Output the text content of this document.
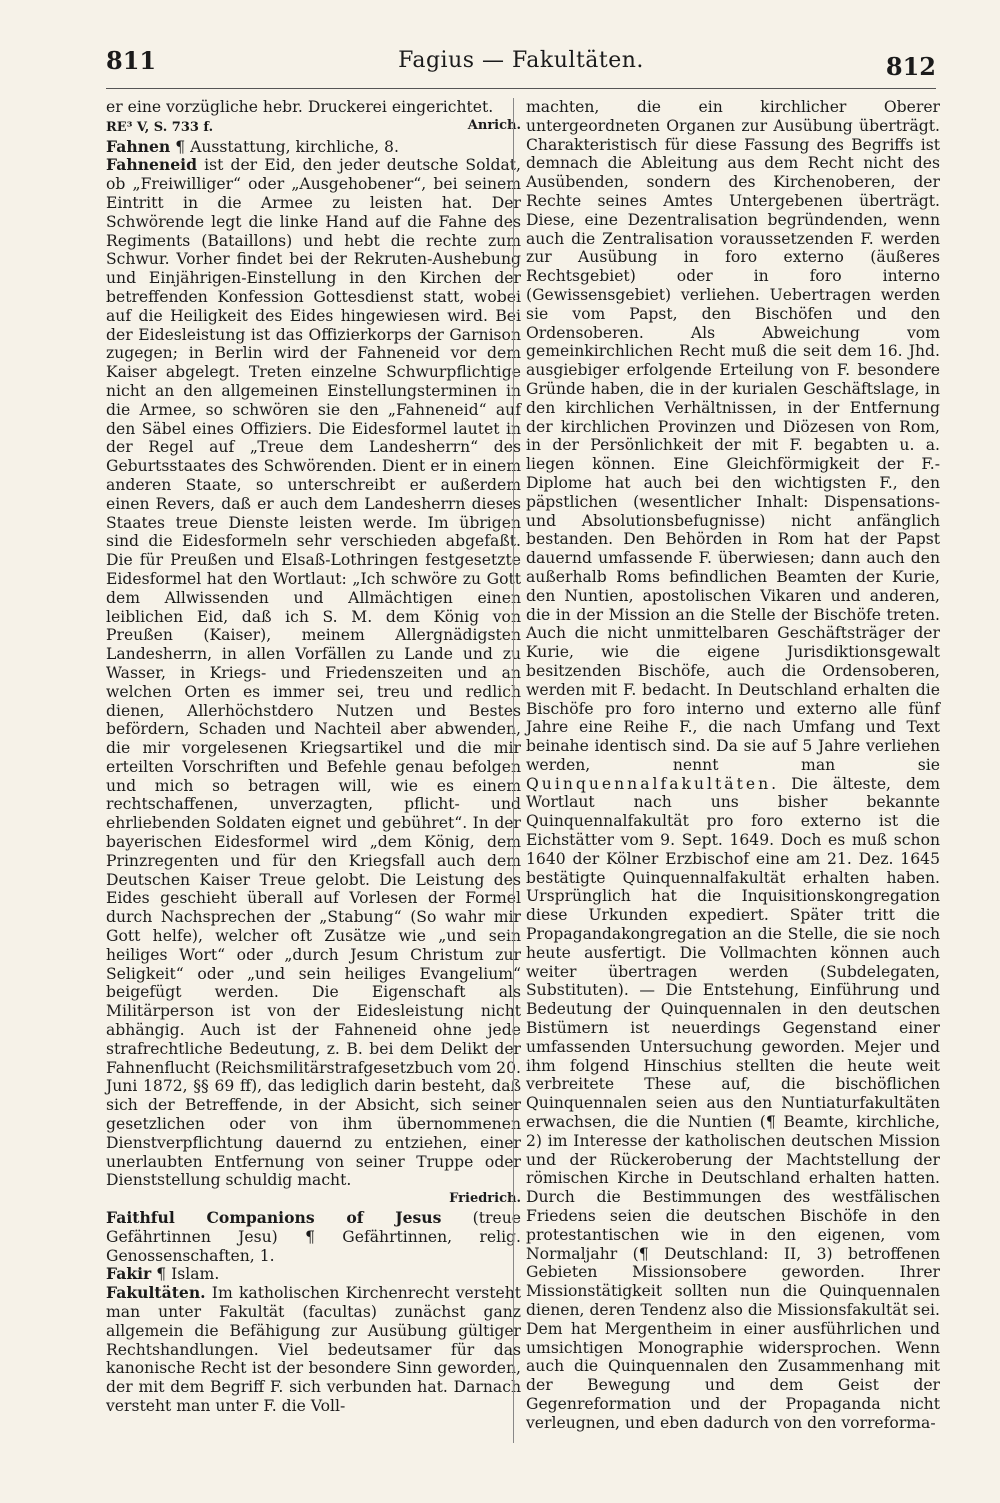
811	Fagius — Fakultäten.	812

er eine vorzügliche hebr. Druckerei eingerichtet.

RE³ V, S. 733 f.	Anrich.

Fahnen ¶ Ausstattung, kirchliche, 8.

Fahneneid ist der Eid, den jeder deutsche Soldat, ob „Freiwilliger“ oder „Ausgehobener“, bei seinem Eintritt in die Armee zu leisten hat. Der Schwörende legt die linke Hand auf die Fahne des Regiments (Bataillons) und hebt die rechte zum Schwur. Vorher findet bei der Rekruten-Aushebung und Einjährigen-Einstellung in den Kirchen der betreffenden Konfession Gottesdienst statt, wobei auf die Heiligkeit des Eides hingewiesen wird. Bei der Eidesleistung ist das Offizierkorps der Garnison zugegen; in Berlin wird der Fahneneid vor dem Kaiser abgelegt. Treten einzelne Schwurpflichtige nicht an den allgemeinen Einstellungsterminen in die Armee, so schwören sie den „Fahneneid“ auf den Säbel eines Offiziers. Die Eidesformel lautet in der Regel auf „Treue dem Landesherrn“ des Geburtsstaates des Schwörenden. Dient er in einem anderen Staate, so unterschreibt er außerdem einen Revers, daß er auch dem Landesherrn dieses Staates treue Dienste leisten werde. Im übrigen sind die Eidesformeln sehr verschieden abgefaßt. Die für Preußen und Elsaß-Lothringen festgesetzte Eidesformel hat den Wortlaut: „Ich schwöre zu Gott dem Allwissenden und Allmächtigen einen leiblichen Eid, daß ich S. M. dem König von Preußen (Kaiser), meinem Allergnädigsten Landesherrn, in allen Vorfällen zu Lande und zu Wasser, in Kriegs- und Friedenszeiten und an welchen Orten es immer sei, treu und redlich dienen, Allerhöchstdero Nutzen und Bestes befördern, Schaden und Nachteil aber abwenden, die mir vorgelesenen Kriegsartikel und die mir erteilten Vorschriften und Befehle genau befolgen und mich so betragen will, wie es einem rechtschaffenen, unverzagten, pflicht- und ehrliebenden Soldaten eignet und gebühret“. In der bayerischen Eidesformel wird „dem König, dem Prinzregenten und für den Kriegsfall auch dem Deutschen Kaiser Treue gelobt. Die Leistung des Eides geschieht überall auf Vorlesen der Formel durch Nachsprechen der „Stabung“ (So wahr mir Gott helfe), welcher oft Zusätze wie „und sein heiliges Wort“ oder „durch Jesum Christum zur Seligkeit“ oder „und sein heiliges Evangelium“ beigefügt werden. Die Eigenschaft als Militärperson ist von der Eidesleistung nicht abhängig. Auch ist der Fahneneid ohne jede strafrechtliche Bedeutung, z. B. bei dem Delikt der Fahnenflucht (Reichsmilitärstrafgesetzbuch vom 20. Juni 1872, §§ 69 ff), das lediglich darin besteht, daß sich der Betreffende, in der Absicht, sich seiner gesetzlichen oder von ihm übernommenen Dienstverpflichtung dauernd zu entziehen, einer unerlaubten Entfernung von seiner Truppe oder Dienststellung schuldig macht.

Friedrich.

Faithful Companions of Jesus (treue Gefährtinnen Jesu) ¶ Gefährtinnen, relig. Genossenschaften, 1.

Fakir ¶ Islam.

Fakultäten. Im katholischen Kirchenrecht versteht man unter Fakultät (facultas) zunächst ganz allgemein die Befähigung zur Ausübung gültiger Rechtshandlungen. Viel bedeutsamer für das kanonische Recht ist der besondere Sinn geworden, der mit dem Begriff F. sich verbunden hat. Darnach versteht man unter F. die Voll-

machten, die ein kirchlicher Oberer untergeordneten Organen zur Ausübung überträgt. Charakteristisch für diese Fassung des Begriffs ist demnach die Ableitung aus dem Recht nicht des Ausübenden, sondern des Kirchenoberen, der Rechte seines Amtes Untergebenen überträgt. Diese, eine Dezentralisation begründenden, wenn auch die Zentralisation voraussetzenden F. werden zur Ausübung in foro externo (äußeres Rechtsgebiet) oder in foro interno (Gewissensgebiet) verliehen. Uebertragen werden sie vom Papst, den Bischöfen und den Ordensoberen. Als Abweichung vom gemeinkirchlichen Recht muß die seit dem 16. Jhd. ausgiebiger erfolgende Erteilung von F. besondere Gründe haben, die in der kurialen Geschäftslage, in den kirchlichen Verhältnissen, in der Entfernung der kirchlichen Provinzen und Diözesen von Rom, in der Persönlichkeit der mit F. begabten u. a. liegen können. Eine Gleichförmigkeit der F.-Diplome hat auch bei den wichtigsten F., den päpstlichen (wesentlicher Inhalt: Dispensations- und Absolutionsbefugnisse) nicht anfänglich bestanden. Den Behörden in Rom hat der Papst dauernd umfassende F. überwiesen; dann auch den außerhalb Roms befindlichen Beamten der Kurie, den Nuntien, apostolischen Vikaren und anderen, die in der Mission an die Stelle der Bischöfe treten. Auch die nicht unmittelbaren Geschäftsträger der Kurie, wie die eigene Jurisdiktionsgewalt besitzenden Bischöfe, auch die Ordensoberen, werden mit F. bedacht. In Deutschland erhalten die Bischöfe pro foro interno und externo alle fünf Jahre eine Reihe F., die nach Umfang und Text beinahe identisch sind. Da sie auf 5 Jahre verliehen werden, nennt man sie Quinquennalfakultäten. Die älteste, dem Wortlaut nach uns bisher bekannte Quinquennalfakultät pro foro externo ist die Eichstätter vom 9. Sept. 1649. Doch es muß schon 1640 der Kölner Erzbischof eine am 21. Dez. 1645 bestätigte Quinquennalfakultät erhalten haben. Ursprünglich hat die Inquisitionskongregation diese Urkunden expediert. Später tritt die Propagandakongregation an die Stelle, die sie noch heute ausfertigt. Die Vollmachten können auch weiter übertragen werden (Subdelegaten, Substituten). — Die Entstehung, Einführung und Bedeutung der Quinquennalen in den deutschen Bistümern ist neuerdings Gegenstand einer umfassenden Untersuchung geworden. Mejer und ihm folgend Hinschius stellten die heute weit verbreitete These auf, die bischöflichen Quinquennalen seien aus den Nuntiaturfakultäten erwachsen, die die Nuntien (¶ Beamte, kirchliche, 2) im Interesse der katholischen deutschen Mission und der Rückeroberung der Machtstellung der römischen Kirche in Deutschland erhalten hatten. Durch die Bestimmungen des westfälischen Friedens seien die deutschen Bischöfe in den protestantischen wie in den eigenen, vom Normaljahr (¶ Deutschland: II, 3) betroffenen Gebieten Missionsobere geworden. Ihrer Missionstätigkeit sollten nun die Quinquennalen dienen, deren Tendenz also die Missionsfakultät sei. Dem hat Mergentheim in einer ausführlichen und umsichtigen Monographie widersprochen. Wenn auch die Quinquennalen den Zusammenhang mit der Bewegung und dem Geist der Gegenreformation und der Propaganda nicht verleugnen, und eben dadurch von den vorreforma-
